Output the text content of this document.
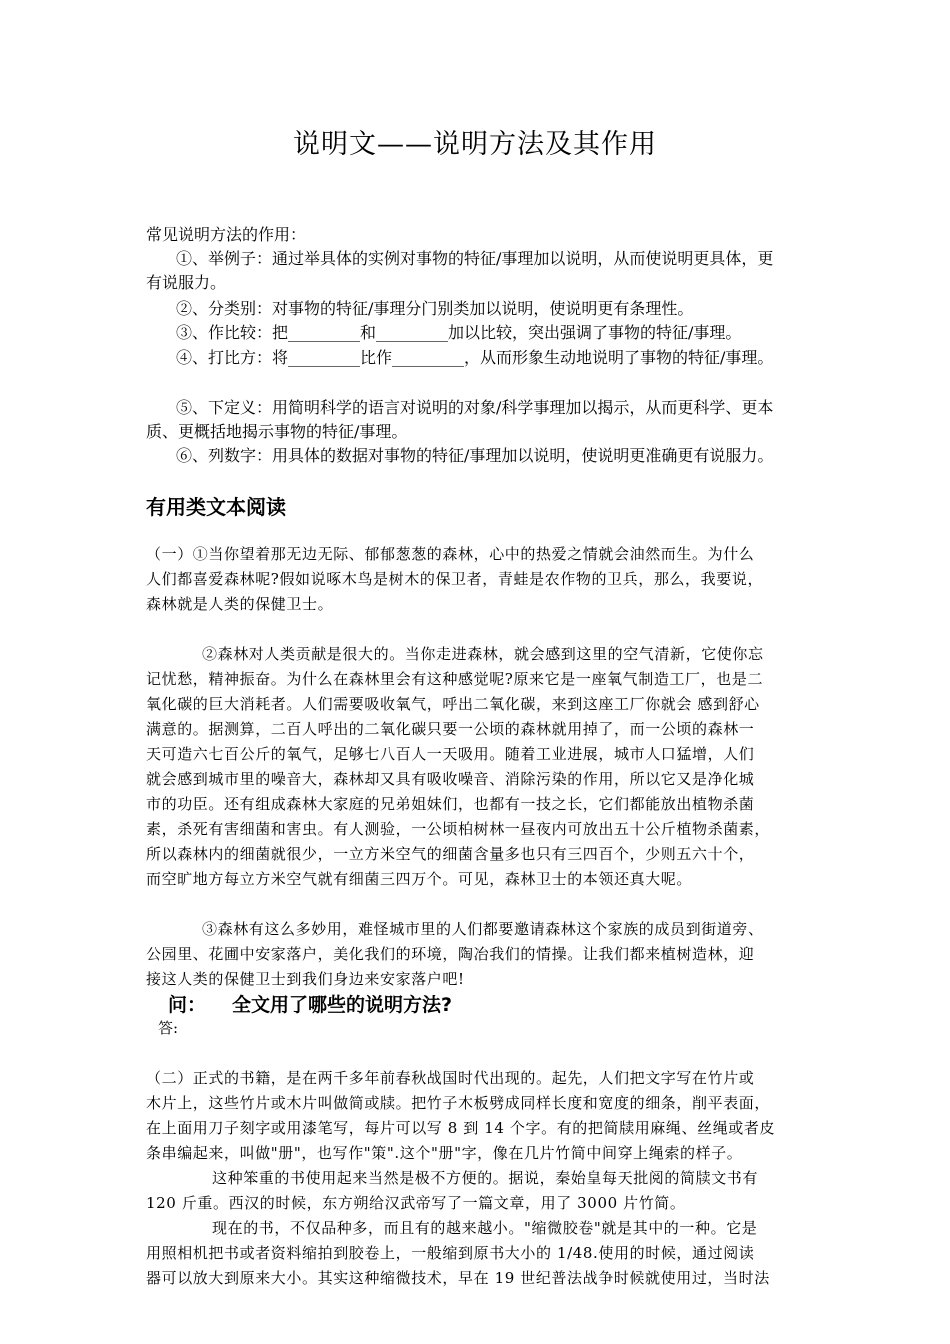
说明文——说明方法及其作用
常见说明方法的作用：
①、举例子：通过举具体的实例对事物的特征/事理加以说明，从而使说明更具体，更
有说服力。
②、分类别：对事物的特征/事理分门别类加以说明，使说明更有条理性。
③、作比较：把_________和_________加以比较，突出强调了事物的特征/事理。
④、打比方：将_________比作_________，从而形象生动地说明了事物的特征/事理。
⑤、下定义：用简明科学的语言对说明的对象/科学事理加以揭示，从而更科学、更本
质、更概括地揭示事物的特征/事理。
⑥、列数字：用具体的数据对事物的特征/事理加以说明，使说明更准确更有说服力。
有用类文本阅读
（一）①当你望着那无边无际、郁郁葱葱的森林，心中的热爱之情就会油然而生。为什么
人们都喜爱森林呢?假如说啄木鸟是树木的保卫者，青蛙是农作物的卫兵，那么，我要说，
森林就是人类的保健卫士。
②森林对人类贡献是很大的。当你走进森林，就会感到这里的空气清新，它使你忘
记忧愁，精神振奋。为什么在森林里会有这种感觉呢?原来它是一座氧气制造工厂，也是二
氧化碳的巨大消耗者。人们需要吸收氧气，呼出二氧化碳，来到这座工厂你就会 感到舒心
满意的。据测算，二百人呼出的二氧化碳只要一公顷的森林就用掉了，而一公顷的森林一
天可造六七百公斤的氧气，足够七八百人一天吸用。随着工业进展，城市人口猛增，人们
就会感到城市里的噪音大，森林却又具有吸收噪音、消除污染的作用，所以它又是净化城
市的功臣。还有组成森林大家庭的兄弟姐妹们，也都有一技之长，它们都能放出植物杀菌
素，杀死有害细菌和害虫。有人测验，一公顷柏树林一昼夜内可放出五十公斤植物杀菌素，
所以森林内的细菌就很少，一立方米空气的细菌含量多也只有三四百个，少则五六十个，
而空旷地方每立方米空气就有细菌三四万个。可见，森林卫士的本领还真大呢。
③森林有这么多妙用，难怪城市里的人们都要邀请森林这个家族的成员到街道旁、
公园里、花圃中安家落户，美化我们的环境，陶冶我们的情操。让我们都来植树造林，迎
接这人类的保健卫士到我们身边来安家落户吧!
问： 全文用了哪些的说明方法?
答:
（二）正式的书籍，是在两千多年前春秋战国时代出现的。起先，人们把文字写在竹片或
木片上，这些竹片或木片叫做简或牍。把竹子木板劈成同样长度和宽度的细条，削平表面，
在上面用刀子刻字或用漆笔写，每片可以写 8 到 14 个字。有的把简牍用麻绳、丝绳或者皮
条串编起来，叫做"册"，也写作"策".这个"册"字，像在几片竹简中间穿上绳索的样子。
这种笨重的书使用起来当然是极不方便的。据说，秦始皇每天批阅的简牍文书有
120 斤重。西汉的时候，东方朔给汉武帝写了一篇文章，用了 3000 片竹简。
现在的书，不仅品种多，而且有的越来越小。"缩微胶卷"就是其中的一种。它是
用照相机把书或者资料缩拍到胶卷上，一般缩到原书大小的 1/48.使用的时候，通过阅读
器可以放大到原来大小。其实这种缩微技术，早在 19 世纪普法战争时候就使用过，当时法
